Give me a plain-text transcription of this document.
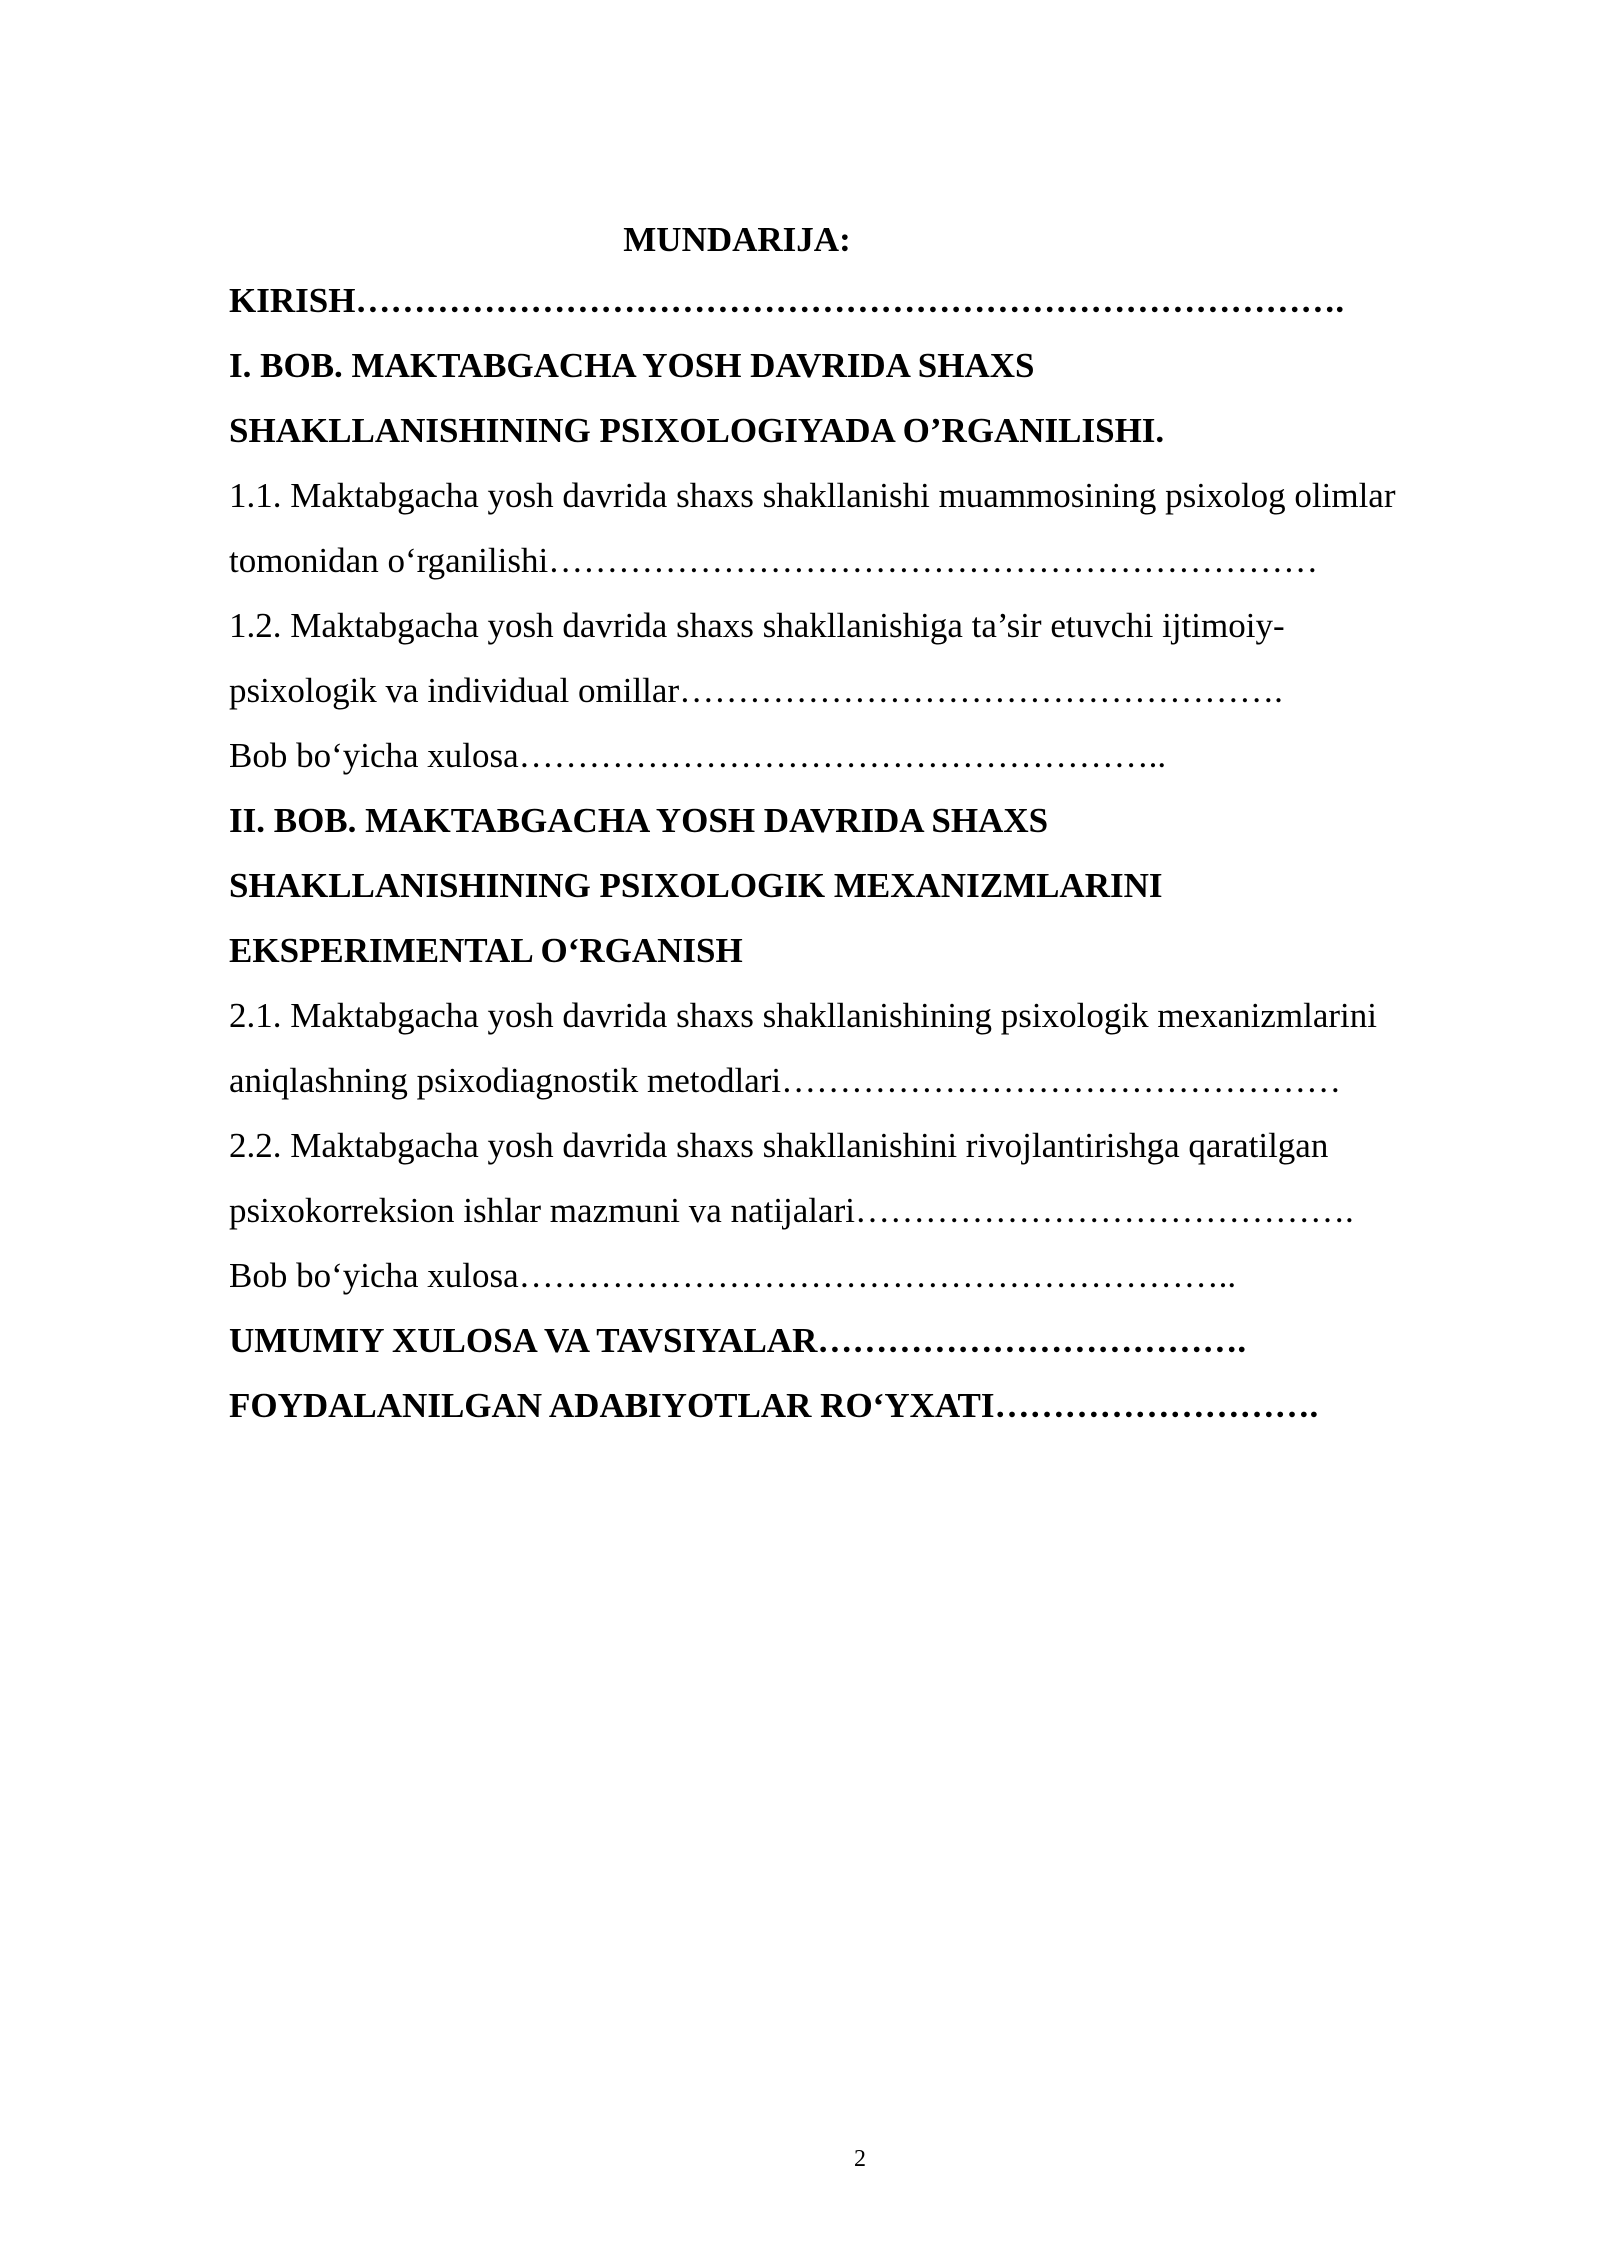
MUNDARIJA:
KIRISH………………………………………………………………………….
I. BOB. MAKTABGACHA YOSH DAVRIDA SHAXS
SHAKLLANISHINING PSIXOLOGIYADA O’RGANILISHI.
1.1. Maktabgacha yosh davrida shaxs shakllanishi muammosining psixolog olimlar
tomonidan o‘rganilishi…………………………………………………………
1.2. Maktabgacha yosh davrida shaxs shakllanishiga ta’sir etuvchi ijtimoiy-
psixologik va individual omillar…………………………………………….
Bob bo‘yicha xulosa………………………………………………..
II. BOB. MAKTABGACHA YOSH DAVRIDA SHAXS
SHAKLLANISHINING PSIXOLOGIK MEXANIZMLARINI
EKSPERIMENTAL O‘RGANISH
2.1. Maktabgacha yosh davrida shaxs shakllanishining psixologik mexanizmlarini
aniqlashning psixodiagnostik metodlari…………………………………………
2.2. Maktabgacha yosh davrida shaxs shakllanishini rivojlantirishga qaratilgan
psixokorreksion ishlar mazmuni va natijalari…………………………………….
Bob bo‘yicha xulosa……………………………………………………..
UMUMIY XULOSA VA TAVSIYALAR……………………………….
FOYDALANILGAN ADABIYOTLAR RO‘YXATI……………………….
2
